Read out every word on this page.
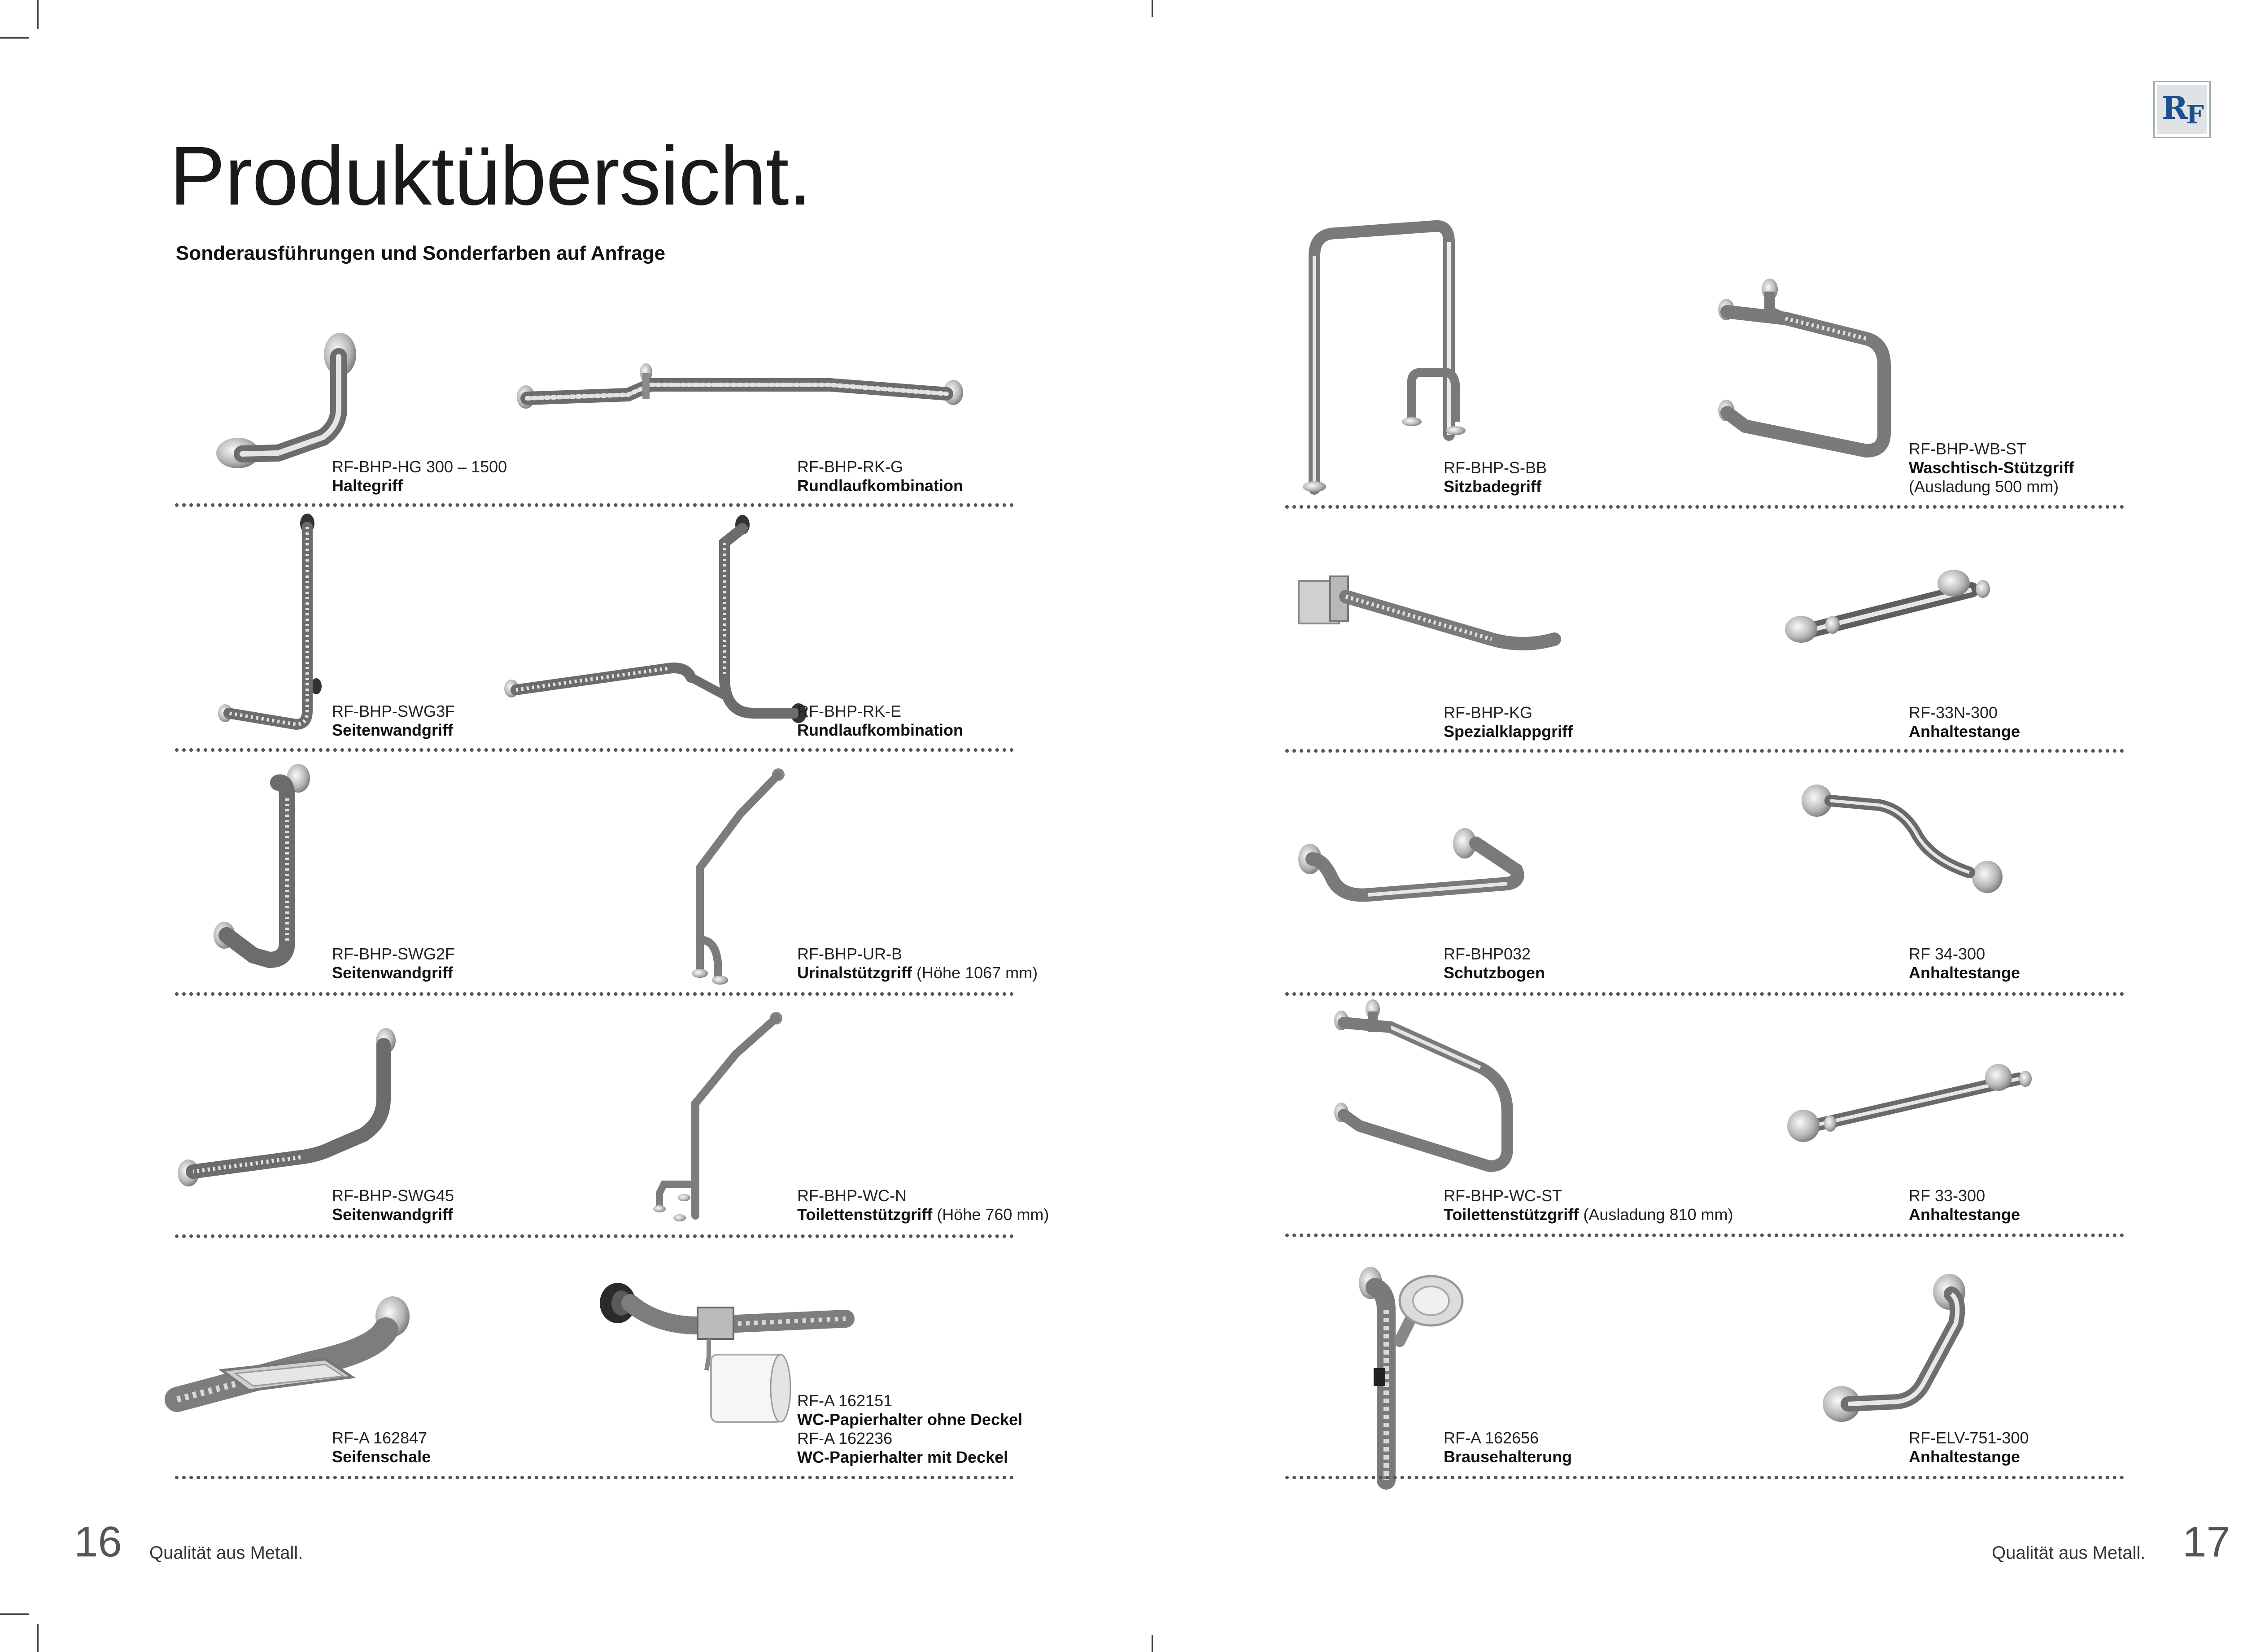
Produktübersicht.
Sonderausführungen und Sonderfarben auf Anfrage
RF
RF-BHP-HG 300 – 1500
Haltegriff
RF-BHP-RK-G
Rundlaufkombination
RF-BHP-SWG3F
Seitenwandgriff
RF-BHP-RK-E
Rundlaufkombination
RF-BHP-SWG2F
Seitenwandgriff
RF-BHP-UR-B
Urinalstützgriff (Höhe 1067 mm)
RF-BHP-SWG45
Seitenwandgriff
RF-BHP-WC-N
Toilettenstützgriff (Höhe 760 mm)
RF-A 162847
Seifenschale
RF-A 162151
WC-Papierhalter ohne Deckel
RF-A 162236
WC-Papierhalter mit Deckel
16 Qualität aus Metall.
RF-BHP-S-BB
Sitzbadegriff
RF-BHP-WB-ST
Waschtisch-Stützgriff
(Ausladung 500 mm)
RF-BHP-KG
Spezialklappgriff
RF-33N-300
Anhaltestange
RF-BHP032
Schutzbogen
RF 34-300
Anhaltestange
RF-BHP-WC-ST
Toilettenstützgriff (Ausladung 810 mm)
RF 33-300
Anhaltestange
RF-A 162656
Brausehalterung
RF-ELV-751-300
Anhaltestange
Qualität aus Metall. 17
